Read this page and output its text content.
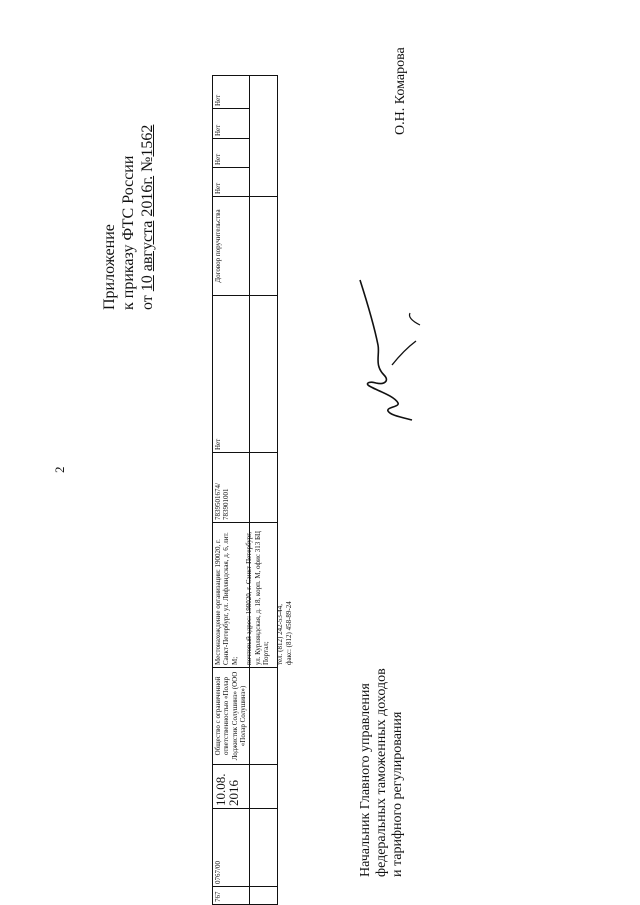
2
Приложение к приказу ФТС России от 10 августа 2016г. №1562
767
0767/00
10.08.
2016
Общество с ограниченной ответственностью «Полар Лоджистик Солушинз» (ООО «Полар Солушинз»)
Местонахождение организации: 190020, г. Санкт-Петербург, ул. Лифляндская, д. 6, лит. М; почтовый адрес: 198020, г. Санкт-Петербург, ул. Курляндская, д. 18, корп. М, офис 313 БЦ Портал; тел. (812) 242-53-44, факс: (812) 458-89-24
7839501674/ 783901001
Нет
Договор поручительства
Нет
Нет
Нет
Нет
Начальник Главного управления федеральных таможенных доходов и тарифного регулирования
О.Н. Комарова
